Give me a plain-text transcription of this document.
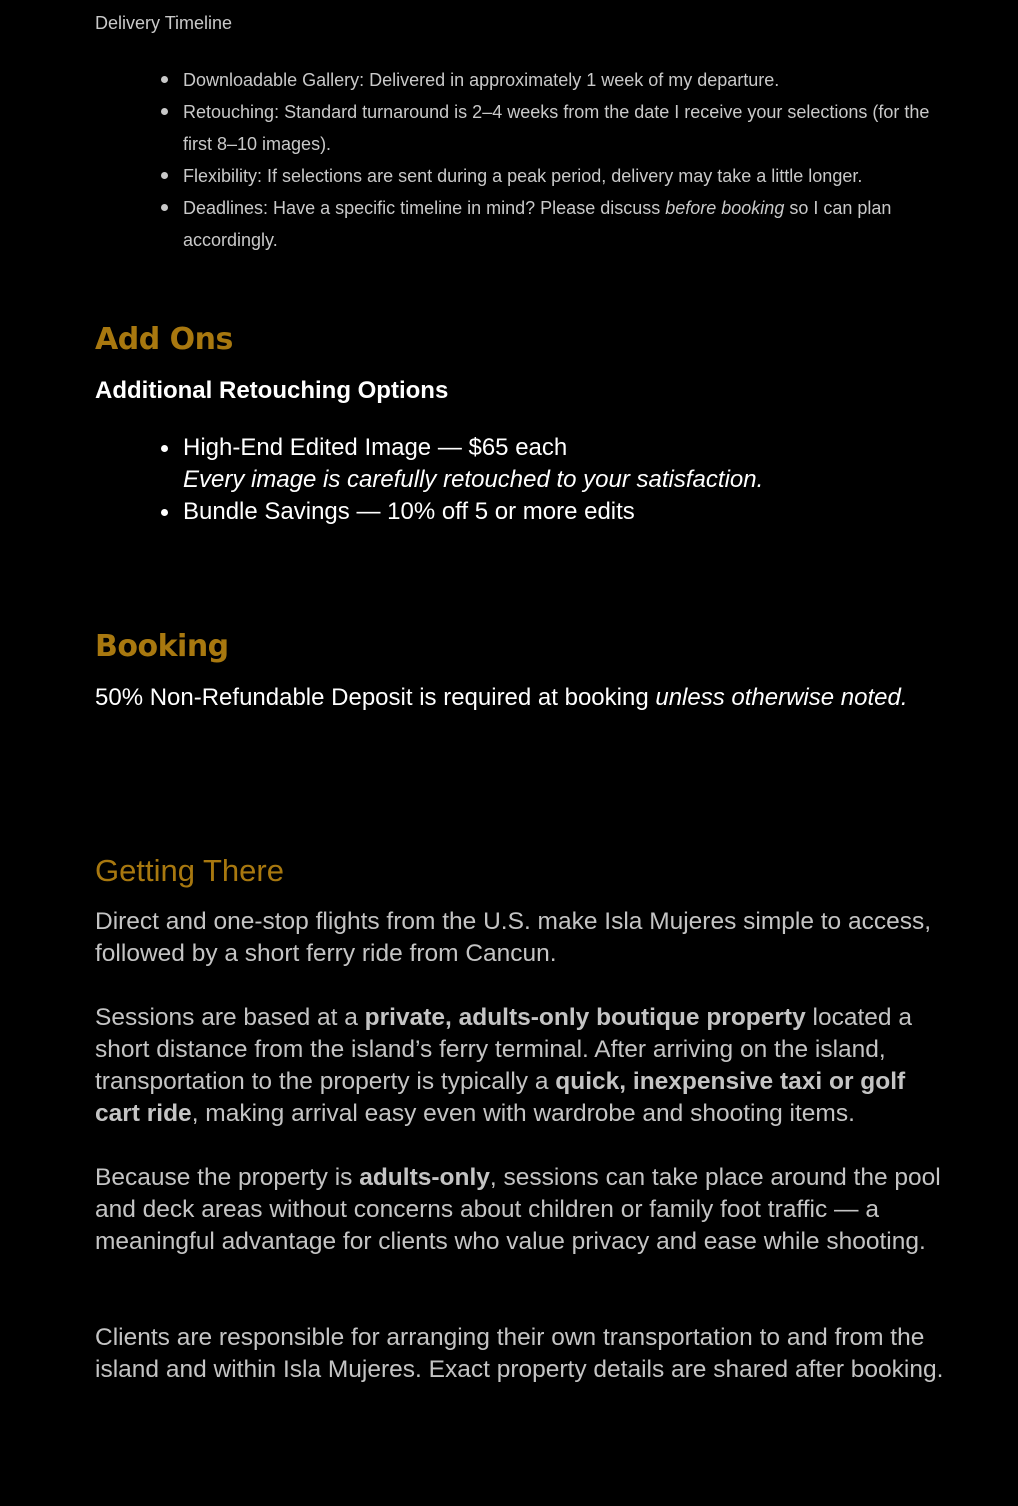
Delivery Timeline

Downloadable Gallery: Delivered in approximately 1 week of my departure.
Retouching: Standard turnaround is 2–4 weeks from the date I receive your selections (for the first 8–10 images).
Flexibility: If selections are sent during a peak period, delivery may take a little longer.
Deadlines: Have a specific timeline in mind? Please discuss before booking so I can plan accordingly.
Add Ons
Additional Retouching Options
High-End Edited Image — $65 each
Every image is carefully retouched to your satisfaction.
Bundle Savings — 10% off 5 or more edits
Booking

50% Non-Refundable Deposit is required at booking unless otherwise noted.

Getting There

Direct and one-stop flights from the U.S. make Isla Mujeres simple to access, followed by a short ferry ride from Cancun.

Sessions are based at a private, adults-only boutique property located a short distance from the island’s ferry terminal. After arriving on the island, transportation to the property is typically a quick, inexpensive taxi or golf cart ride, making arrival easy even with wardrobe and shooting items.

Because the property is adults-only, sessions can take place around the pool and deck areas without concerns about children or family foot traffic — a meaningful advantage for clients who value privacy and ease while shooting.

Clients are responsible for arranging their own transportation to and from the island and within Isla Mujeres. Exact property details are shared after booking.
